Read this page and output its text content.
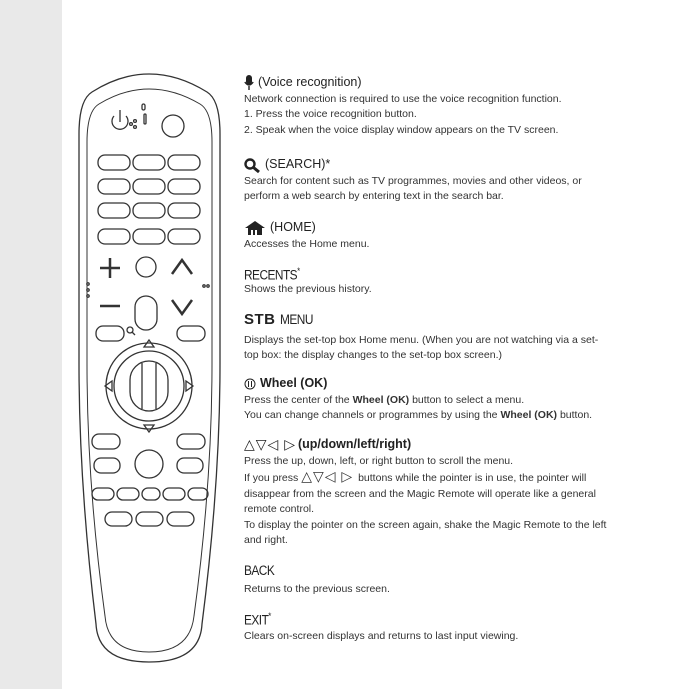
(Voice recognition)

Network connection is required to use the voice recognition function.

1. Press the voice recognition button.

2. Speak when the voice display window appears on the TV screen.

(SEARCH)*

Search for content such as TV programmes, movies and other videos, or

perform a web search by entering text in the search bar.

(HOME)

Accesses the Home menu.

RECENTS*

Shows the previous history.

STB MENU

Displays the set-top box Home menu. (When you are not watching via a set-

top box: the display changes to the set-top box screen.)

Wheel (OK)

Press the center of the Wheel (OK) button to select a menu.

You can change channels or programmes by using the Wheel (OK) button.

△▽◁ ▷ (up/down/left/right)

Press the up, down, left, or right button to scroll the menu.

If you press △▽◁ ▷ buttons while the pointer is in use, the pointer will

disappear from the screen and the Magic Remote will operate like a general

remote control.

To display the pointer on the screen again, shake the Magic Remote to the left

and right.

BACK

Returns to the previous screen.

EXIT*

Clears on-screen displays and returns to last input viewing.
